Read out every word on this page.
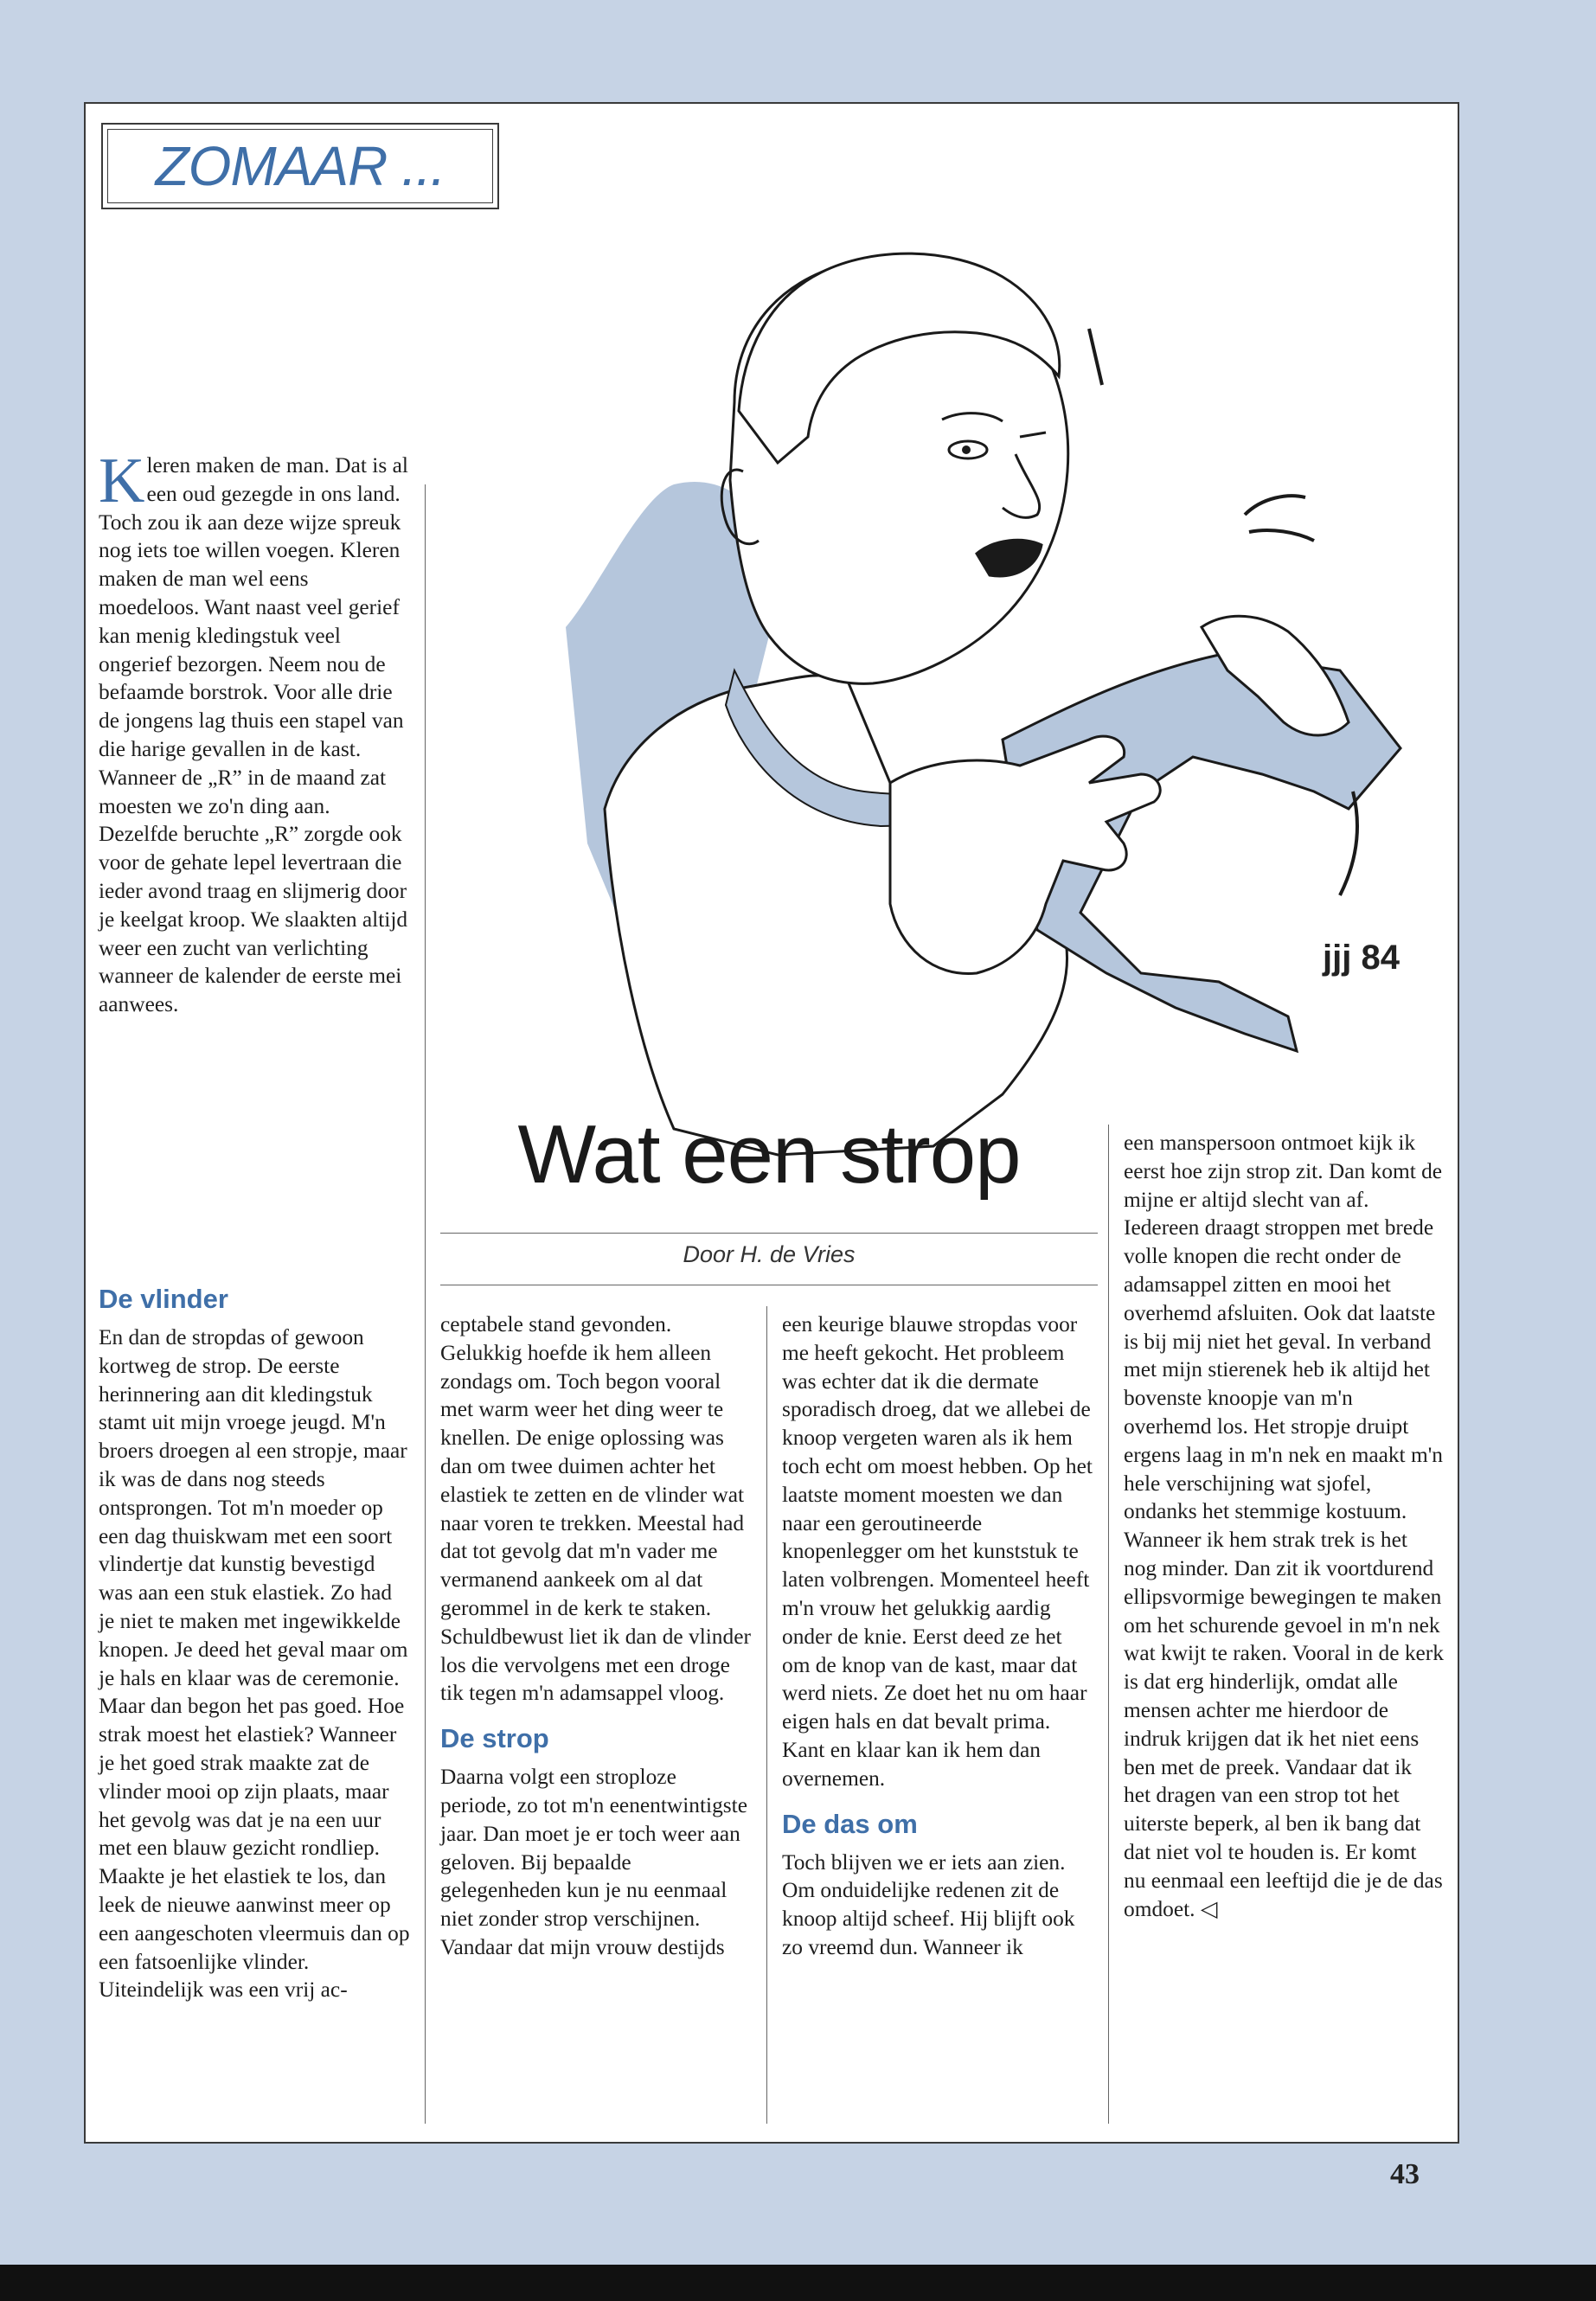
ZOMAAR ...
jjj 84

Kleren maken de man. Dat is al een oud gezegde in ons land. Toch zou ik aan deze wijze spreuk nog iets toe willen voegen. Kleren maken de man wel eens moedeloos. Want naast veel gerief kan menig kledingstuk veel ongerief bezorgen. Neem nou de befaamde borstrok. Voor alle drie de jongens lag thuis een stapel van die harige gevallen in de kast. Wanneer de „R” in de maand zat moesten we zo'n ding aan. Dezelfde beruchte „R” zorgde ook voor de gehate lepel levertraan die ieder avond traag en slijmerig door je keelgat kroop. We slaakten altijd weer een zucht van verlichting wanneer de kalender de eerste mei aanwees.

De vlinder

En dan de stropdas of gewoon kortweg de strop. De eerste herinnering aan dit kledingstuk stamt uit mijn vroege jeugd. M'n broers droegen al een stropje, maar ik was de dans nog steeds ontsprongen. Tot m'n moeder op een dag thuiskwam met een soort vlindertje dat kunstig bevestigd was aan een stuk elastiek. Zo had je niet te maken met ingewikkelde knopen. Je deed het geval maar om je hals en klaar was de ceremonie. Maar dan begon het pas goed. Hoe strak moest het elastiek? Wanneer je het goed strak maakte zat de vlinder mooi op zijn plaats, maar het gevolg was dat je na een uur met een blauw gezicht rondliep. Maakte je het elastiek te los, dan leek de nieuwe aanwinst meer op een aangeschoten vleermuis dan op een fatsoenlijke vlinder. Uiteindelijk was een vrij ac-

Wat een strop
Door H. de Vries

ceptabele stand gevonden. Gelukkig hoefde ik hem alleen zondags om. Toch begon vooral met warm weer het ding weer te knellen. De enige oplossing was dan om twee duimen achter het elastiek te zetten en de vlinder wat naar voren te trekken. Meestal had dat tot gevolg dat m'n vader me vermanend aankeek om al dat gerommel in de kerk te staken. Schuldbewust liet ik dan de vlinder los die vervolgens met een droge tik tegen m'n adamsappel vloog.

De strop

Daarna volgt een stroploze periode, zo tot m'n eenentwintigste jaar. Dan moet je er toch weer aan geloven. Bij bepaalde gelegenheden kun je nu eenmaal niet zonder strop verschijnen. Vandaar dat mijn vrouw destijds

een keurige blauwe stropdas voor me heeft gekocht. Het probleem was echter dat ik die dermate sporadisch droeg, dat we allebei de knoop vergeten waren als ik hem toch echt om moest hebben. Op het laatste moment moesten we dan naar een geroutineerde knopenlegger om het kunststuk te laten volbrengen. Momenteel heeft m'n vrouw het gelukkig aardig onder de knie. Eerst deed ze het om de knop van de kast, maar dat werd niets. Ze doet het nu om haar eigen hals en dat bevalt prima. Kant en klaar kan ik hem dan overnemen.

De das om

Toch blijven we er iets aan zien. Om onduidelijke redenen zit de knoop altijd scheef. Hij blijft ook zo vreemd dun. Wanneer ik

een manspersoon ontmoet kijk ik eerst hoe zijn strop zit. Dan komt de mijne er altijd slecht van af. Iedereen draagt stroppen met brede volle knopen die recht onder de adamsappel zitten en mooi het overhemd afsluiten. Ook dat laatste is bij mij niet het geval. In verband met mijn stierenek heb ik altijd het bovenste knoopje van m'n overhemd los. Het stropje druipt ergens laag in m'n nek en maakt m'n hele verschijning wat sjofel, ondanks het stemmige kostuum.

Wanneer ik hem strak trek is het nog minder. Dan zit ik voortdurend ellipsvormige bewegingen te maken om het schurende gevoel in m'n nek wat kwijt te raken. Vooral in de kerk is dat erg hinderlijk, omdat alle mensen achter me hierdoor de indruk krijgen dat ik het niet eens ben met de preek. Vandaar dat ik het dragen van een strop tot het uiterste beperk, al ben ik bang dat dat niet vol te houden is. Er komt nu eenmaal een leeftijd die je de das omdoet. ◁

43
